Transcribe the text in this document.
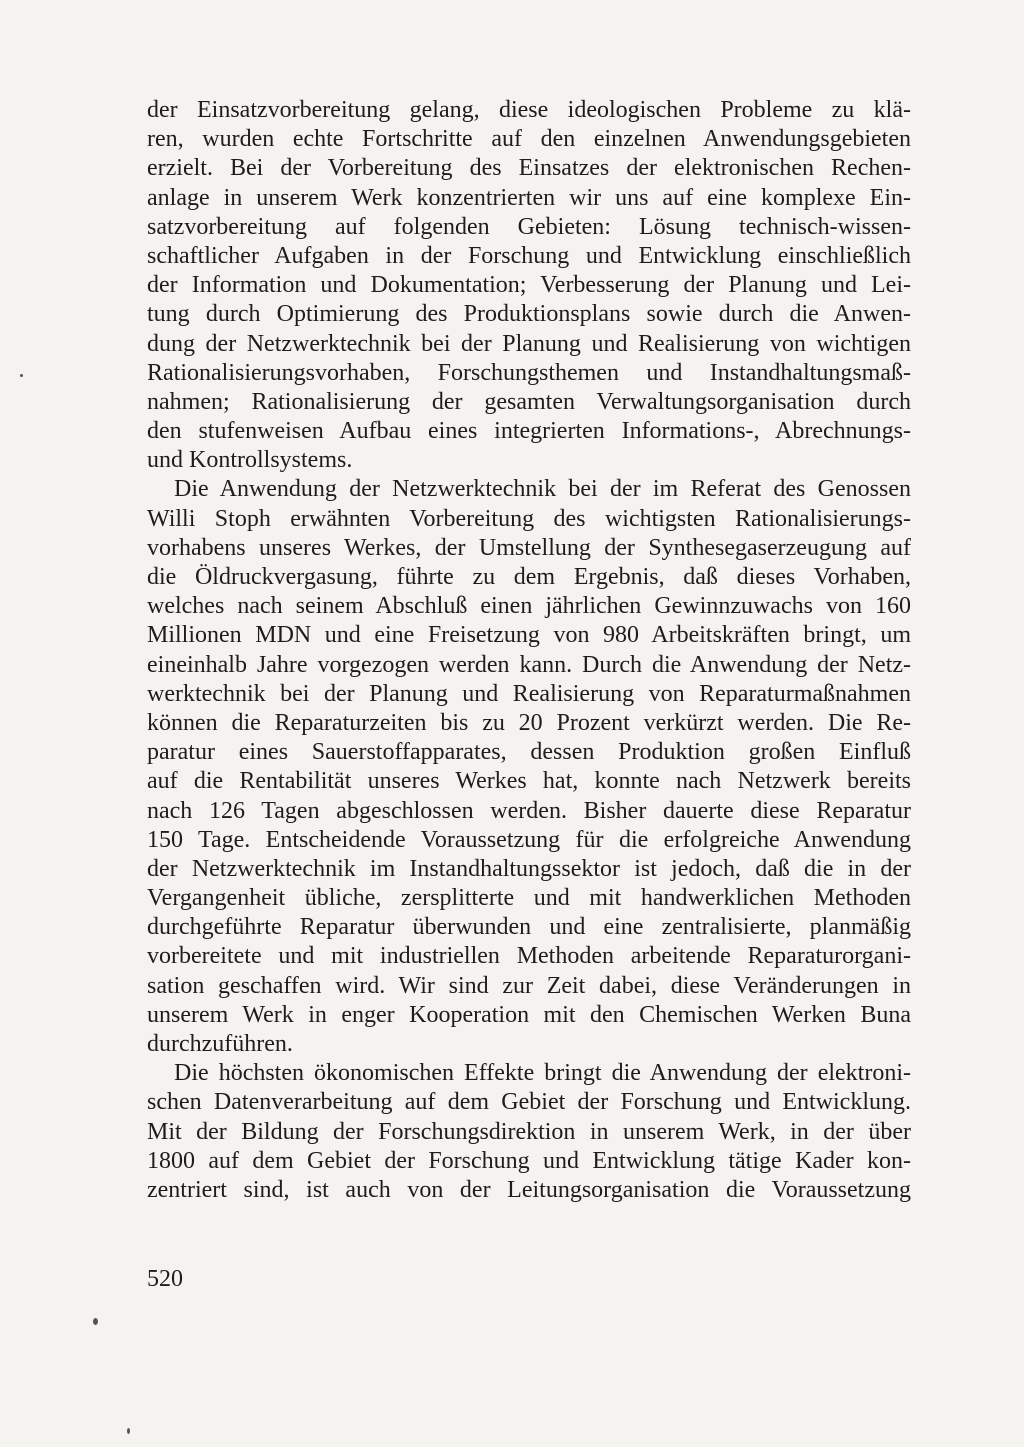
der Einsatzvorbereitung gelang, diese ideologischen Probleme zu klä-
ren, wurden echte Fortschritte auf den einzelnen Anwendungsgebieten
erzielt. Bei der Vorbereitung des Einsatzes der elektronischen Rechen-
anlage in unserem Werk konzentrierten wir uns auf eine komplexe Ein-
satzvorbereitung auf folgenden Gebieten: Lösung technisch-wissen-
schaftlicher Aufgaben in der Forschung und Entwicklung einschließlich
der Information und Dokumentation; Verbesserung der Planung und Lei-
tung durch Optimierung des Produktionsplans sowie durch die Anwen-
dung der Netzwerktechnik bei der Planung und Realisierung von wichtigen
Rationalisierungsvorhaben, Forschungsthemen und Instandhaltungsmaß-
nahmen; Rationalisierung der gesamten Verwaltungsorganisation durch
den stufenweisen Aufbau eines integrierten Informations-, Abrechnungs-
und Kontrollsystems.
Die Anwendung der Netzwerktechnik bei der im Referat des Genossen
Willi Stoph erwähnten Vorbereitung des wichtigsten Rationalisierungs-
vorhabens unseres Werkes, der Umstellung der Synthesegaserzeugung auf
die Öldruckvergasung, führte zu dem Ergebnis, daß dieses Vorhaben,
welches nach seinem Abschluß einen jährlichen Gewinnzuwachs von 160
Millionen MDN und eine Freisetzung von 980 Arbeitskräften bringt, um
eineinhalb Jahre vorgezogen werden kann. Durch die Anwendung der Netz-
werktechnik bei der Planung und Realisierung von Reparaturmaßnahmen
können die Reparaturzeiten bis zu 20 Prozent verkürzt werden. Die Re-
paratur eines Sauerstoffapparates, dessen Produktion großen Einfluß
auf die Rentabilität unseres Werkes hat, konnte nach Netzwerk bereits
nach 126 Tagen abgeschlossen werden. Bisher dauerte diese Reparatur
150 Tage. Entscheidende Voraussetzung für die erfolgreiche Anwendung
der Netzwerktechnik im Instandhaltungssektor ist jedoch, daß die in der
Vergangenheit übliche, zersplitterte und mit handwerklichen Methoden
durchgeführte Reparatur überwunden und eine zentralisierte, planmäßig
vorbereitete und mit industriellen Methoden arbeitende Reparaturorgani-
sation geschaffen wird. Wir sind zur Zeit dabei, diese Veränderungen in
unserem Werk in enger Kooperation mit den Chemischen Werken Buna
durchzuführen.
Die höchsten ökonomischen Effekte bringt die Anwendung der elektroni-
schen Datenverarbeitung auf dem Gebiet der Forschung und Entwicklung.
Mit der Bildung der Forschungsdirektion in unserem Werk, in der über
1800 auf dem Gebiet der Forschung und Entwicklung tätige Kader kon-
zentriert sind, ist auch von der Leitungsorganisation die Voraussetzung
520
